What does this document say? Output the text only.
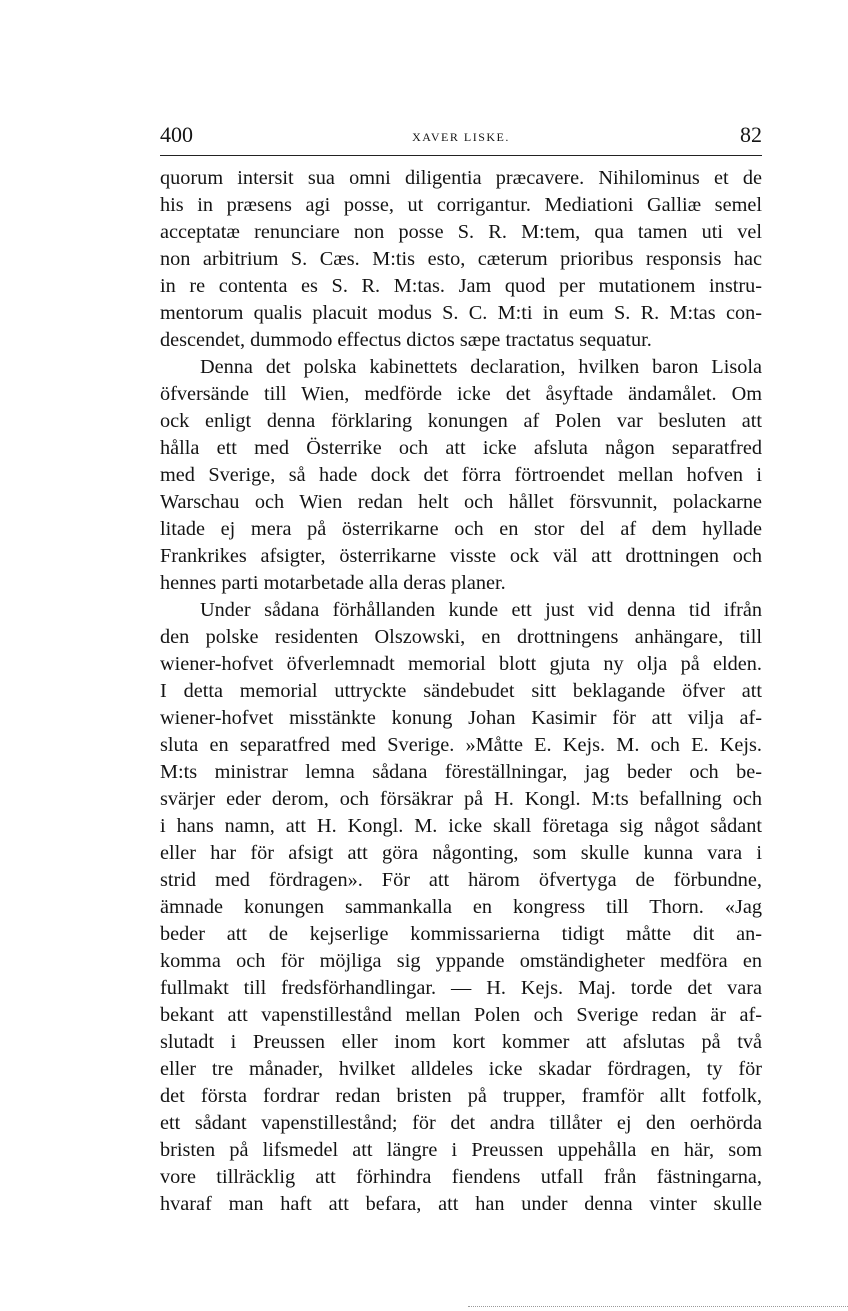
400	XAVER LISKE.	82
quorum intersit sua omni diligentia præcavere. Nihilominus et de
his in præsens agi posse, ut corrigantur. Mediationi Galliæ semel
acceptatæ renunciare non posse S. R. M:tem, qua tamen uti vel
non arbitrium S. Cæs. M:tis esto, cæterum prioribus responsis hac
in re contenta es S. R. M:tas. Jam quod per mutationem instru-
mentorum qualis placuit modus S. C. M:ti in eum S. R. M:tas con-
descendet, dummodo effectus dictos sæpe tractatus sequatur.
Denna det polska kabinettets declaration, hvilken baron Lisola
öfversände till Wien, medförde icke det åsyftade ändamålet. Om
ock enligt denna förklaring konungen af Polen var besluten att
hålla ett med Österrike och att icke afsluta någon separatfred
med Sverige, så hade dock det förra förtroendet mellan hofven i
Warschau och Wien redan helt och hållet försvunnit, polackarne
litade ej mera på österrikarne och en stor del af dem hyllade
Frankrikes afsigter, österrikarne visste ock väl att drottningen och
hennes parti motarbetade alla deras planer.
Under sådana förhållanden kunde ett just vid denna tid ifrån
den polske residenten Olszowski, en drottningens anhängare, till
wiener-hofvet öfverlemnadt memorial blott gjuta ny olja på elden.
I detta memorial uttryckte sändebudet sitt beklagande öfver att
wiener-hofvet misstänkte konung Johan Kasimir för att vilja af-
sluta en separatfred med Sverige. »Måtte E. Kejs. M. och E. Kejs.
M:ts ministrar lemna sådana föreställningar, jag beder och be-
svärjer eder derom, och försäkrar på H. Kongl. M:ts befallning och
i hans namn, att H. Kongl. M. icke skall företaga sig något sådant
eller har för afsigt att göra någonting, som skulle kunna vara i
strid med fördragen». För att härom öfvertyga de förbundne,
ämnade konungen sammankalla en kongress till Thorn. «Jag
beder att de kejserlige kommissarierna tidigt måtte dit an-
komma och för möjliga sig yppande omständigheter medföra en
fullmakt till fredsförhandlingar. — H. Kejs. Maj. torde det vara
bekant att vapenstillestånd mellan Polen och Sverige redan är af-
slutadt i Preussen eller inom kort kommer att afslutas på två
eller tre månader, hvilket alldeles icke skadar fördragen, ty för
det första fordrar redan bristen på trupper, framför allt fotfolk,
ett sådant vapenstillestånd; för det andra tillåter ej den oerhörda
bristen på lifsmedel att längre i Preussen uppehålla en här, som
vore tillräcklig att förhindra fiendens utfall från fästningarna,
hvaraf man haft att befara, att han under denna vinter skulle
